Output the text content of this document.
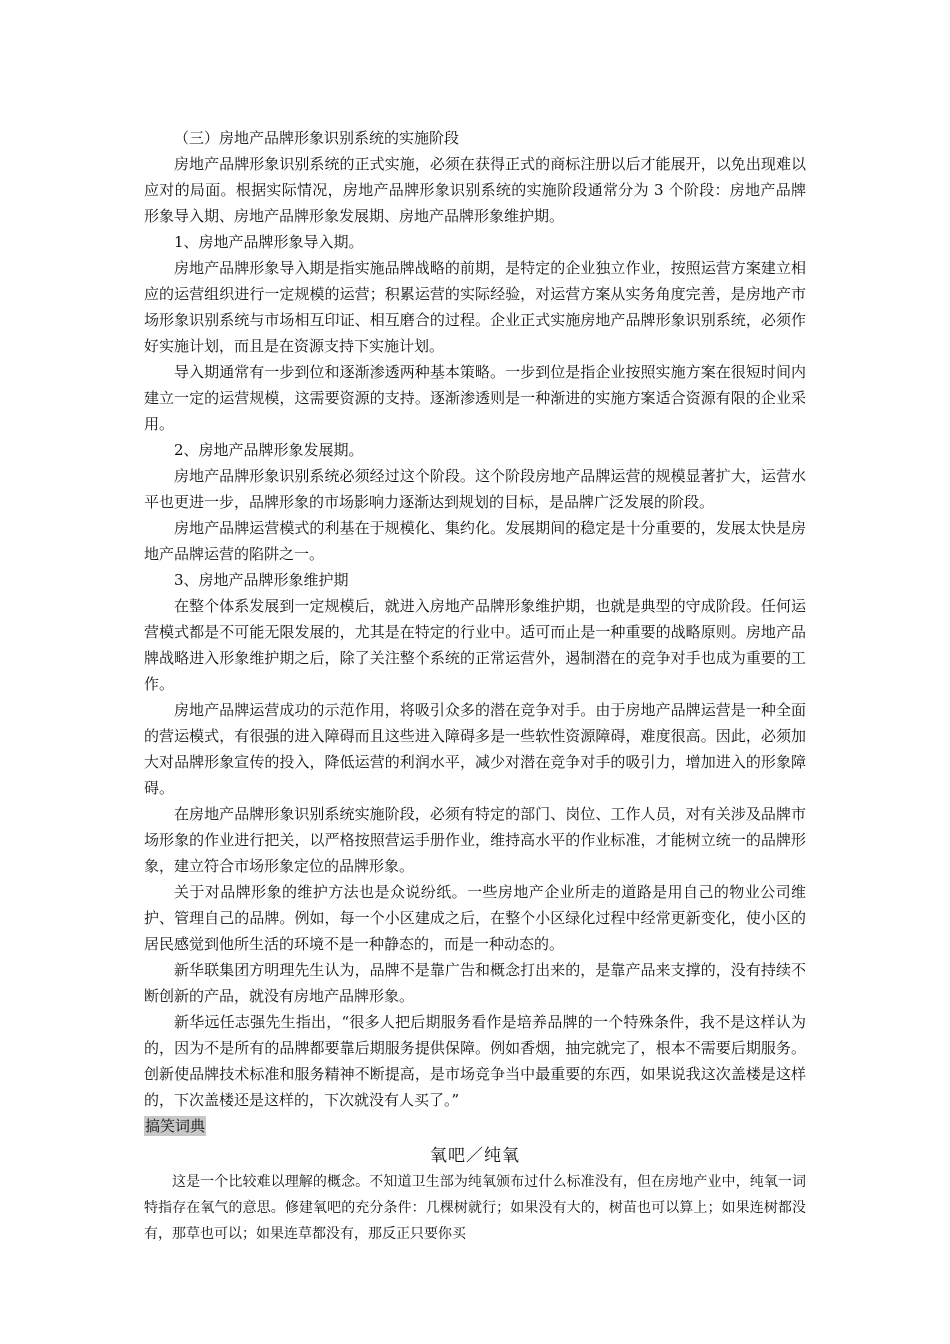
（三）房地产品牌形象识别系统的实施阶段

房地产品牌形象识别系统的正式实施，必须在获得正式的商标注册以后才能展开，以免出现难以应对的局面。根据实际情况，房地产品牌形象识别系统的实施阶段通常分为 3 个阶段：房地产品牌形象导入期、房地产品牌形象发展期、房地产品牌形象维护期。

1、房地产品牌形象导入期。

房地产品牌形象导入期是指实施品牌战略的前期，是特定的企业独立作业，按照运营方案建立相应的运营组织进行一定规模的运营；积累运营的实际经验，对运营方案从实务角度完善，是房地产市场形象识别系统与市场相互印证、相互磨合的过程。企业正式实施房地产品牌形象识别系统，必须作好实施计划，而且是在资源支持下实施计划。

导入期通常有一步到位和逐渐渗透两种基本策略。一步到位是指企业按照实施方案在很短时间内建立一定的运营规模，这需要资源的支持。逐渐渗透则是一种渐进的实施方案适合资源有限的企业采用。

2、房地产品牌形象发展期。

房地产品牌形象识别系统必须经过这个阶段。这个阶段房地产品牌运营的规模显著扩大，运营水平也更进一步，品牌形象的市场影响力逐渐达到规划的目标，是品牌广泛发展的阶段。

房地产品牌运营模式的利基在于规模化、集约化。发展期间的稳定是十分重要的，发展太快是房地产品牌运营的陷阱之一。

3、房地产品牌形象维护期

在整个体系发展到一定规模后，就进入房地产品牌形象维护期，也就是典型的守成阶段。任何运营模式都是不可能无限发展的，尤其是在特定的行业中。适可而止是一种重要的战略原则。房地产品牌战略进入形象维护期之后，除了关注整个系统的正常运营外，遏制潜在的竞争对手也成为重要的工作。

房地产品牌运营成功的示范作用，将吸引众多的潜在竞争对手。由于房地产品牌运营是一种全面的营运模式，有很强的进入障碍而且这些进入障碍多是一些软性资源障碍，难度很高。因此，必须加大对品牌形象宣传的投入，降低运营的利润水平，减少对潜在竞争对手的吸引力，增加进入的形象障碍。

在房地产品牌形象识别系统实施阶段，必须有特定的部门、岗位、工作人员，对有关涉及品牌市场形象的作业进行把关，以严格按照营运手册作业，维持高水平的作业标准，才能树立统一的品牌形象，建立符合市场形象定位的品牌形象。

关于对品牌形象的维护方法也是众说纷纸。一些房地产企业所走的道路是用自己的物业公司维护、管理自己的品牌。例如，每一个小区建成之后，在整个小区绿化过程中经常更新变化，使小区的居民感觉到他所生活的环境不是一种静态的，而是一种动态的。

新华联集团方明理先生认为，品牌不是靠广告和概念打出来的，是靠产品来支撑的，没有持续不断创新的产品，就没有房地产品牌形象。

新华远任志强先生指出，“很多人把后期服务看作是培养品牌的一个特殊条件，我不是这样认为的，因为不是所有的品牌都要靠后期服务提供保障。例如香烟，抽完就完了，根本不需要后期服务。创新使品牌技术标准和服务精神不断提高，是市场竞争当中最重要的东西，如果说我这次盖楼是这样的，下次盖楼还是这样的，下次就没有人买了。”

搞笑词典

氧吧／纯氧

这是一个比较难以理解的概念。不知道卫生部为纯氧颁布过什么标准没有，但在房地产业中，纯氧一词特指存在氧气的意思。修建氧吧的充分条件：几棵树就行；如果没有大的，树苗也可以算上；如果连树都没有，那草也可以；如果连草都没有，那反正只要你买
